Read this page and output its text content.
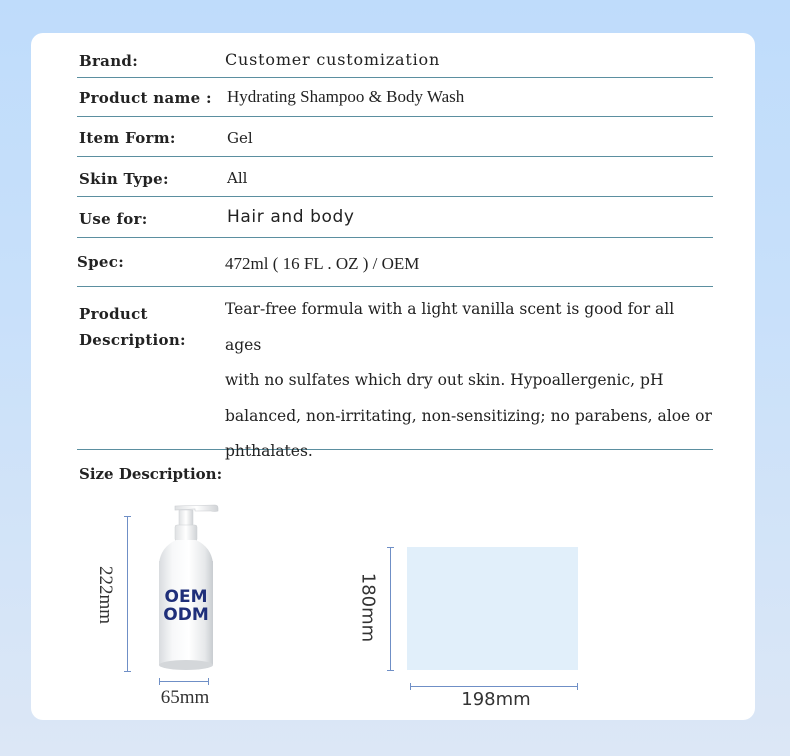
Brand:	Customer customization
Product name : Hydrating Shampoo & Body Wash
Item Form:	Gel
Skin Type:	All
Use for:	Hair and body
Spec:	472ml ( 16 FL . OZ ) / OEM
Product
Description:
Tear-free formula with a light vanilla scent is good for all ages
with no sulfates which dry out skin. Hypoallergenic, pH
balanced, non-irritating, non-sensitizing; no parabens, aloe or
phthalates.
Size Description:
222mm	OEM
ODM
65mm
180mm
198mm
